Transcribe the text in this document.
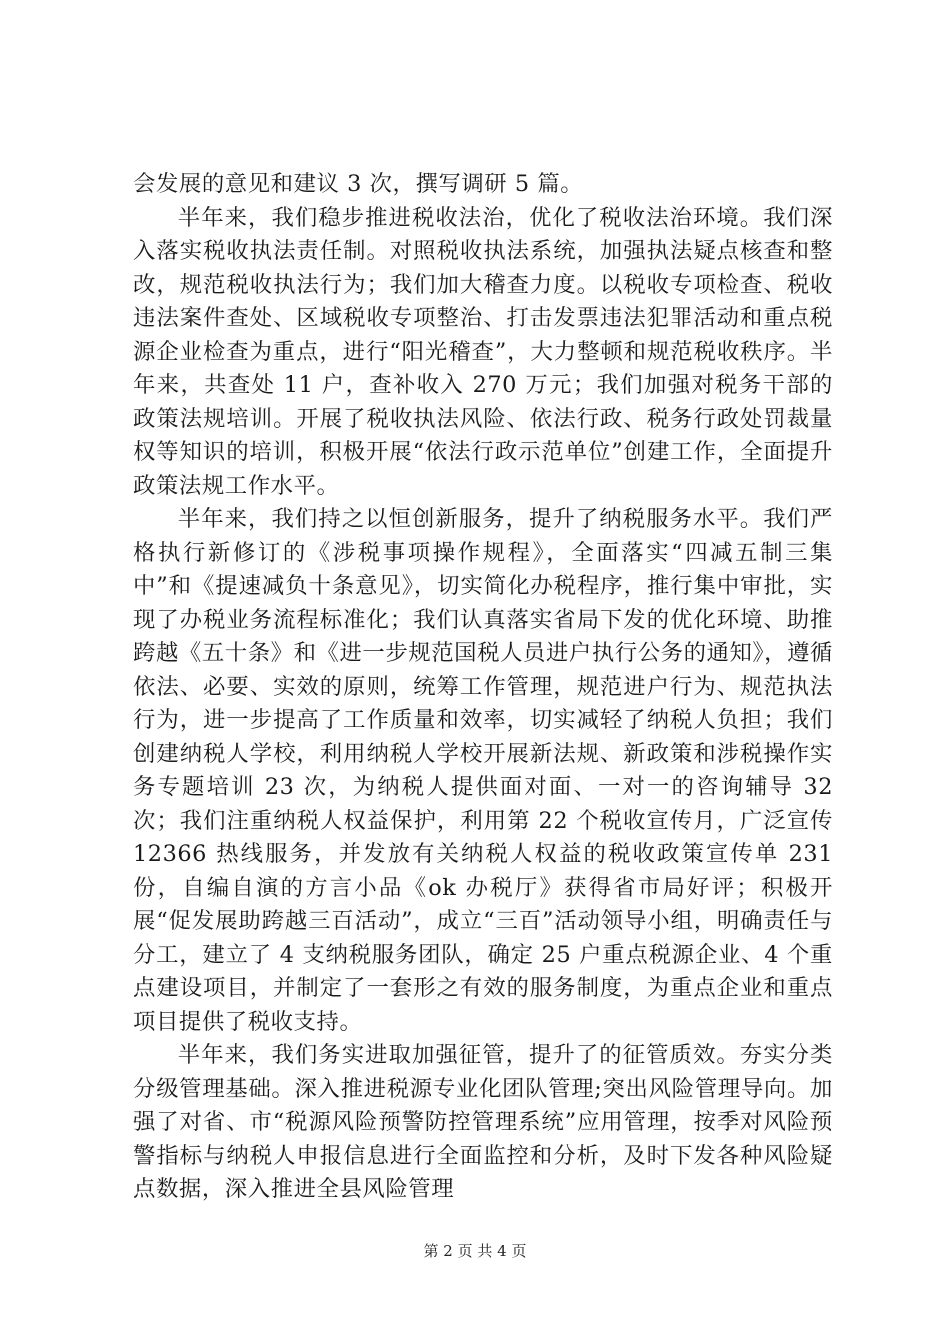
会发展的意见和建议 3 次，撰写调研 5 篇。

半年来，我们稳步推进税收法治，优化了税收法治环境。我们深入落实税收执法责任制。对照税收执法系统，加强执法疑点核查和整改，规范税收执法行为；我们加大稽查力度。以税收专项检查、税收违法案件查处、区域税收专项整治、打击发票违法犯罪活动和重点税源企业检查为重点，进行“阳光稽查”，大力整顿和规范税收秩序。半年来，共查处 11 户，查补收入 270 万元；我们加强对税务干部的政策法规培训。开展了税收执法风险、依法行政、税务行政处罚裁量权等知识的培训，积极开展“依法行政示范单位”创建工作，全面提升政策法规工作水平。

半年来，我们持之以恒创新服务，提升了纳税服务水平。我们严格执行新修订的《涉税事项操作规程》，全面落实“四减五制三集中”和《提速减负十条意见》，切实简化办税程序，推行集中审批，实现了办税业务流程标准化；我们认真落实省局下发的优化环境、助推跨越《五十条》和《进一步规范国税人员进户执行公务的通知》，遵循依法、必要、实效的原则，统筹工作管理，规范进户行为、规范执法行为，进一步提高了工作质量和效率，切实减轻了纳税人负担；我们创建纳税人学校，利用纳税人学校开展新法规、新政策和涉税操作实务专题培训 23 次，为纳税人提供面对面、一对一的咨询辅导 32 次；我们注重纳税人权益保护，利用第 22 个税收宣传月，广泛宣传 12366 热线服务，并发放有关纳税人权益的税收政策宣传单 231 份，自编自演的方言小品《ok 办税厅》获得省市局好评；积极开展“促发展助跨越三百活动”，成立“三百”活动领导小组，明确责任与分工，建立了 4 支纳税服务团队，确定 25 户重点税源企业、4 个重点建设项目，并制定了一套形之有效的服务制度，为重点企业和重点项目提供了税收支持。

半年来，我们务实进取加强征管，提升了的征管质效。夯实分类分级管理基础。深入推进税源专业化团队管理;突出风险管理导向。加强了对省、市“税源风险预警防控管理系统”应用管理，按季对风险预警指标与纳税人申报信息进行全面监控和分析，及时下发各种风险疑点数据，深入推进全县风险管理

第 2 页 共 4 页
